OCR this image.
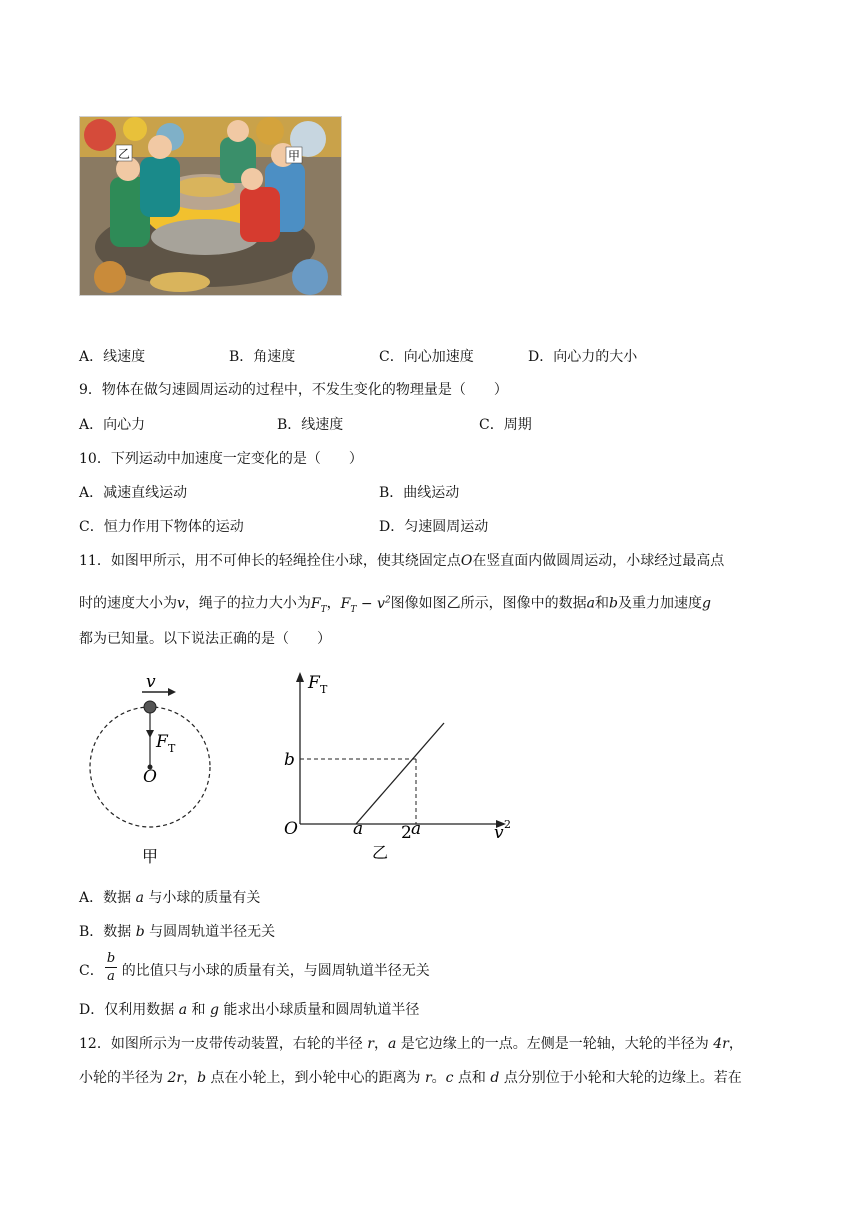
乙	甲
A．线速度	B．角速度	C．向心加速度	D．向心力的大小
9．物体在做匀速圆周运动的过程中，不发生变化的物理量是（　　）
A．向心力	B．线速度	C．周期
10．下列运动中加速度一定变化的是（　　）
A．减速直线运动	B．曲线运动
C．恒力作用下物体的运动	D．匀速圆周运动
11．如图甲所示，用不可伸长的轻绳拴住小球，使其绕固定点O在竖直面内做圆周运动，小球经过最高点
时的速度大小为v，绳子的拉力大小为$F_T$，$F_T - v^2$图像如图乙所示，图像中的数据a和b及重力加速度g
都为已知量。以下说法正确的是（　　）
v
F T
O
甲
F T
b
O	a 2 a	v 2
乙
A．数据 a 与小球的质量有关
B．数据 b 与圆周轨道半径无关
C． 的比值只与小球的质量有关，与圆周轨道半径无关
b
a
D．仅利用数据 a 和 g 能求出小球质量和圆周轨道半径
12．如图所示为一皮带传动装置，右轮的半径 r，a 是它边缘上的一点。左侧是一轮轴，大轮的半径为 4r，
小轮的半径为 2r，b 点在小轮上，到小轮中心的距离为 r。c 点和 d 点分别位于小轮和大轮的边缘上。若在
